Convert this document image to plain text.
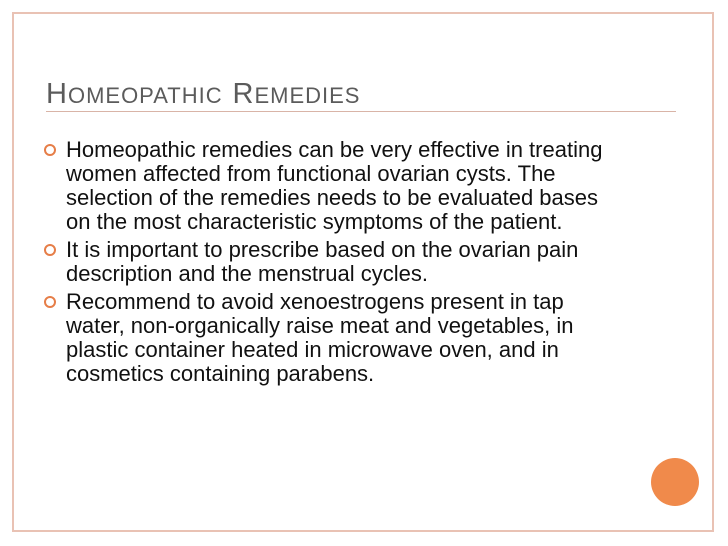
HOMEOPATHIC REMEDIES
Homeopathic remedies can be very effective in treating women affected from functional ovarian cysts. The selection of the remedies needs to be evaluated bases on the most characteristic symptoms of the patient.
It is important to prescribe based on the ovarian pain description and the menstrual cycles.
Recommend to avoid xenoestrogens present in tap water, non-organically raise meat and vegetables, in plastic container heated in microwave oven, and in cosmetics containing parabens.
